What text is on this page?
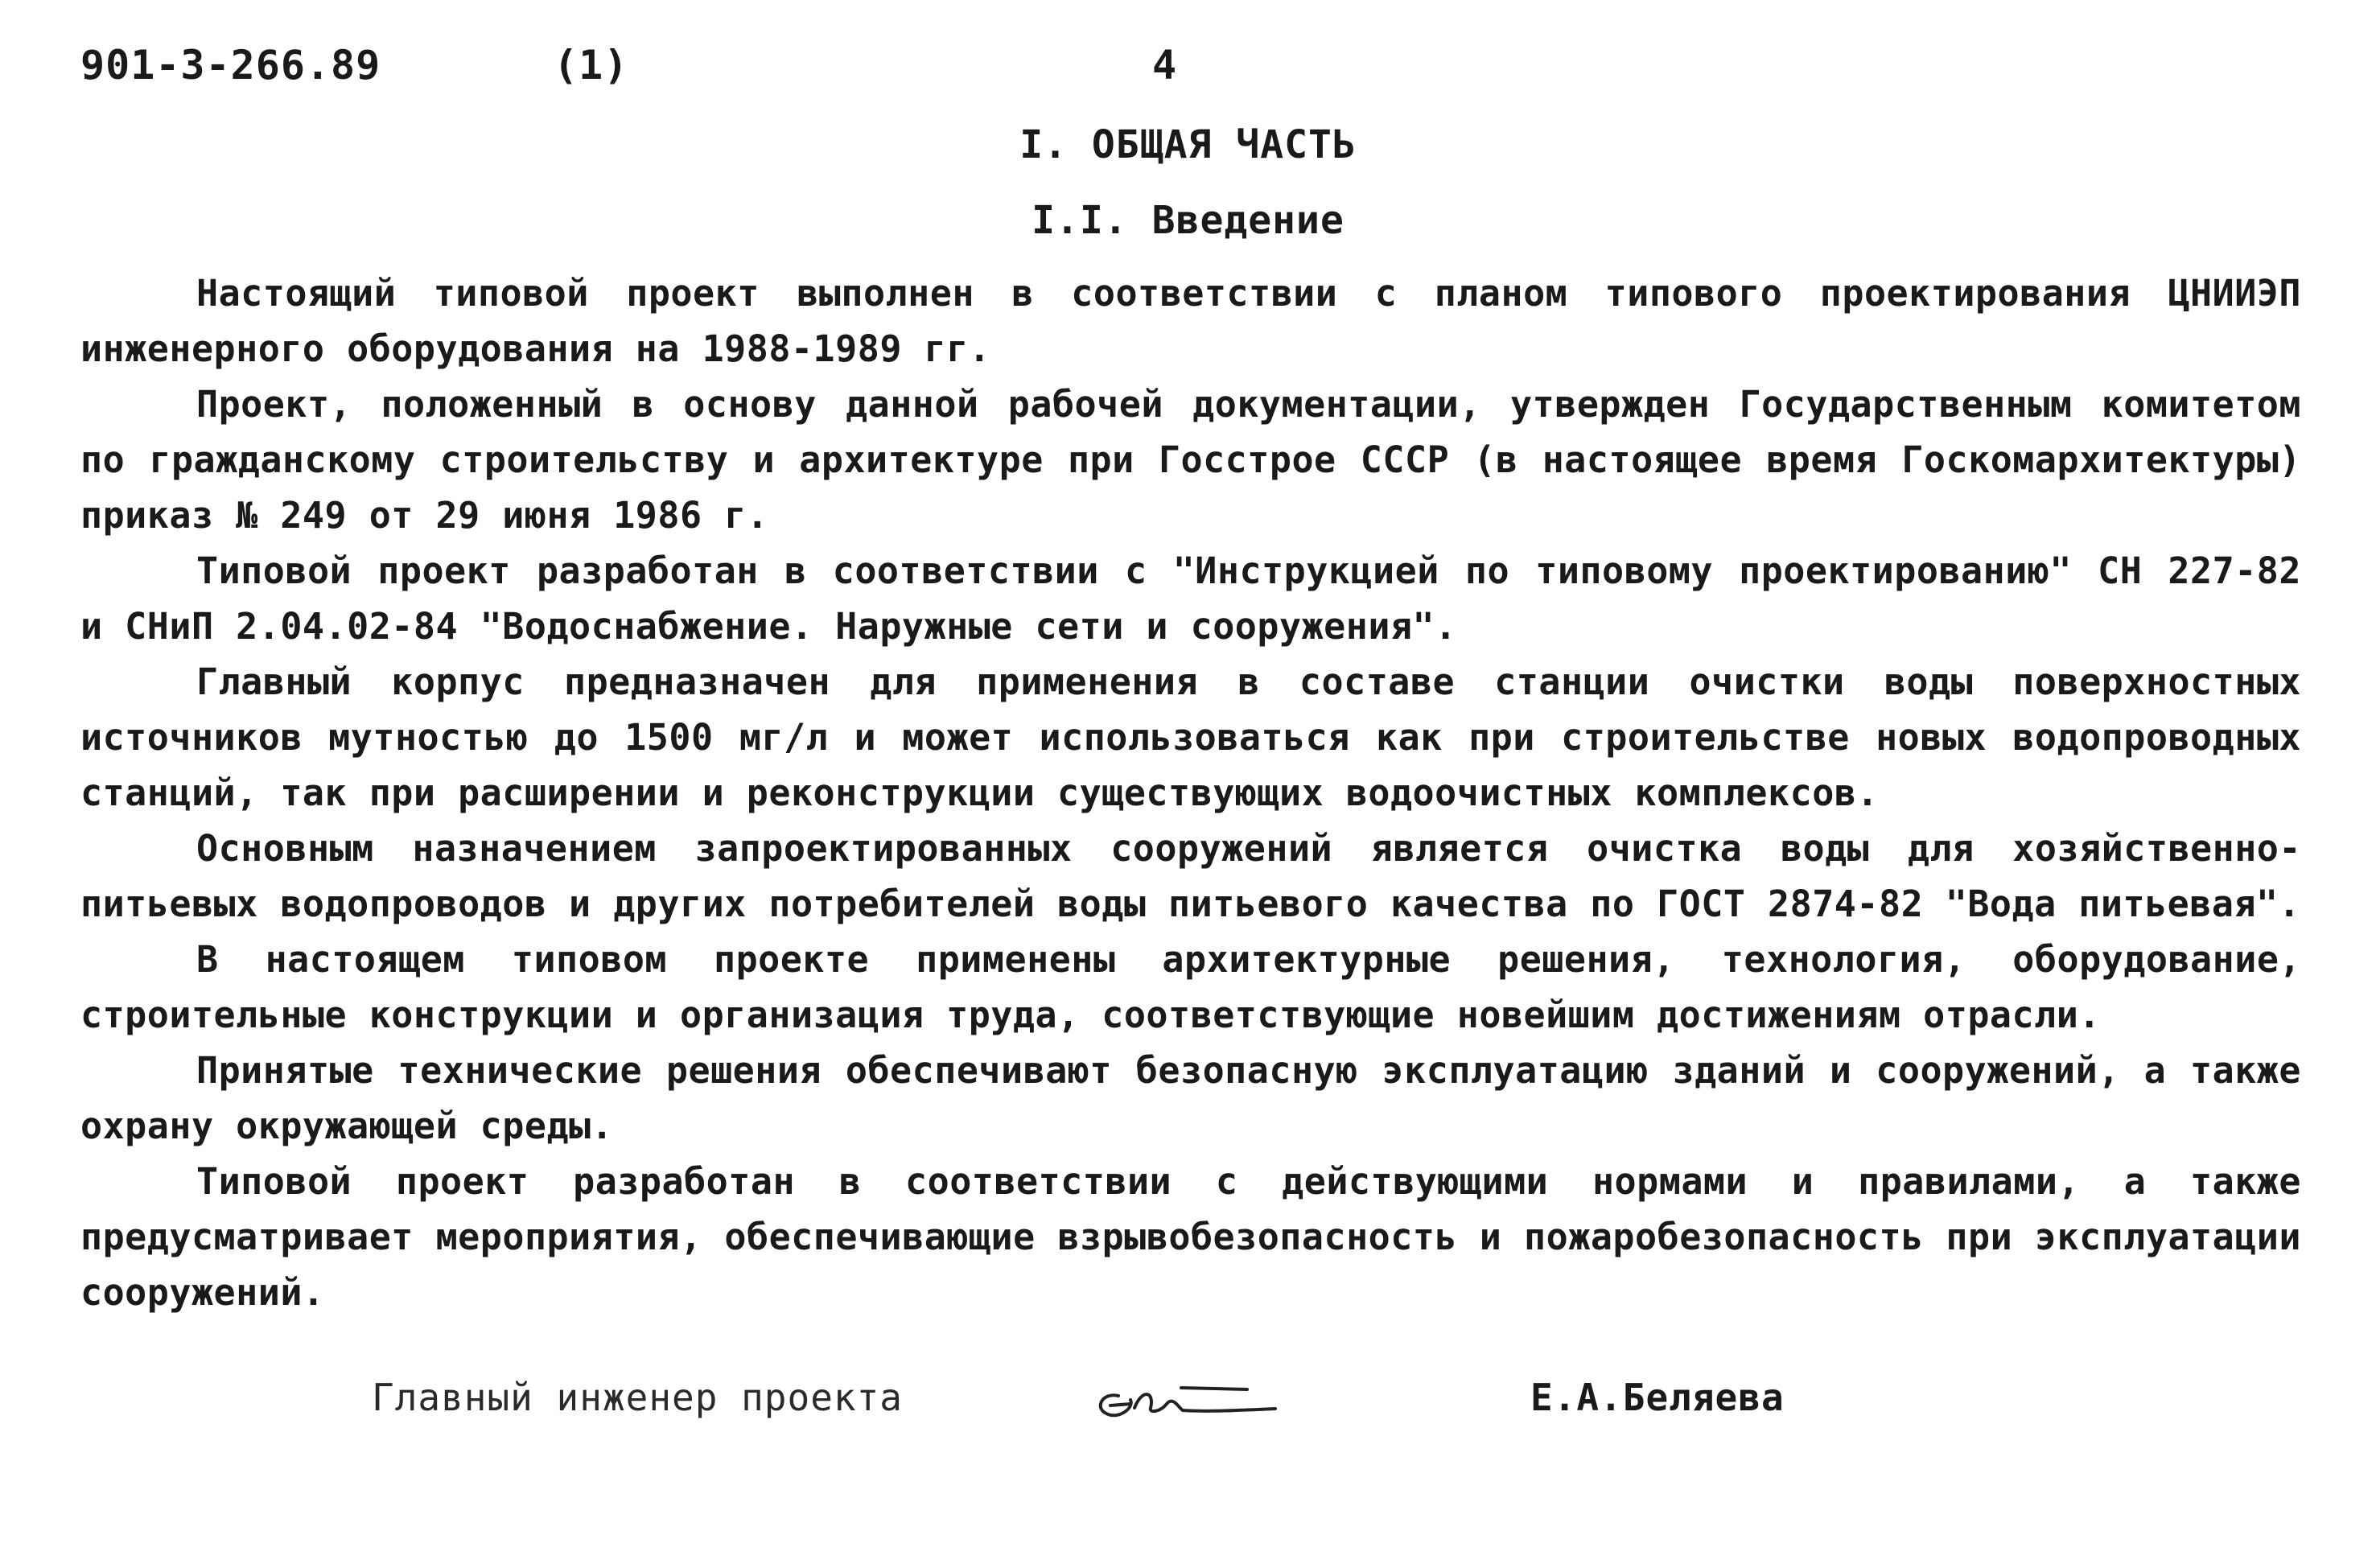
901-3-266.89	(1)	4
I. ОБЩАЯ ЧАСТЬ
I.I. Введение

Настоящий типовой проект выполнен в соответствии с планом типового проектирования ЦНИИЭП инженерного оборудования на 1988-1989 гг.

Проект, положенный в основу данной рабочей документации, утвержден Государственным комитетом по гражданскому строительству и архитектуре при Госстрое СССР (в настоящее время Госкомархитектуры) приказ № 249 от 29 июня 1986 г.

Типовой проект разработан в соответствии с "Инструкцией по типовому проектированию" СН 227-82 и СНиП 2.04.02-84 "Водоснабжение. Наружные сети и сооружения".

Главный корпус предназначен для применения в составе станции очистки воды поверхностных источников мутностью до 1500 мг/л и может использоваться как при строительстве новых водопроводных станций, так при расширении и реконструкции существующих водоочистных комплексов.

Основным назначением запроектированных сооружений является очистка воды для хозяйственно-питьевых водопроводов и других потребителей воды питьевого качества по ГОСТ 2874-82 "Вода питьевая".

В настоящем типовом проекте применены архитектурные решения, технология, оборудование, строительные конструкции и организация труда, соответствующие новейшим достижениям отрасли.

Принятые технические решения обеспечивают безопасную эксплуатацию зданий и сооружений, а также охрану окружающей среды.

Типовой проект разработан в соответствии с действующими нормами и правилами, а также предусматривает мероприятия, обеспечивающие взрывобезопасность и пожаробезопасность при эксплуатации сооружений.

Главный инженер проекта	Е.А.Беляева
